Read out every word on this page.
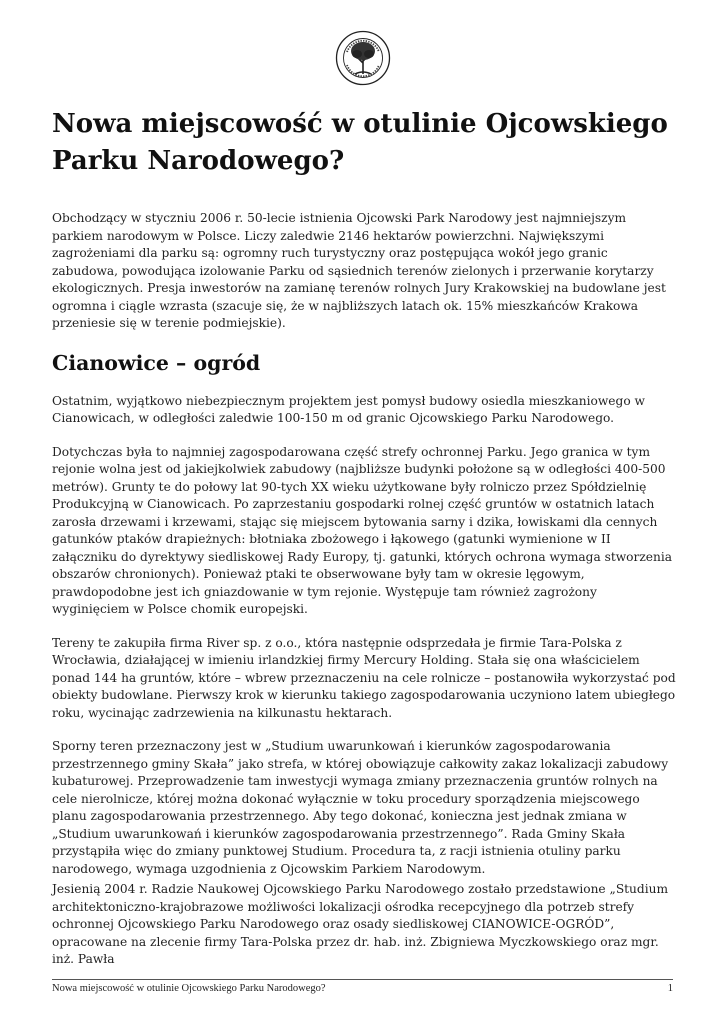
Nowa miejscowość w otulinie Ojcowskiego Parku Narodowego?

Obchodzący w styczniu 2006 r. 50-lecie istnienia Ojcowski Park Narodowy jest najmniejszym parkiem narodowym w Polsce. Liczy zaledwie 2146 hektarów powierzchni. Największymi zagrożeniami dla parku są: ogromny ruch turystyczny oraz postępująca wokół jego granic zabudowa, powodująca izolowanie Parku od sąsiednich terenów zielonych i przerwanie korytarzy ekologicznych. Presja inwestorów na zamianę terenów rolnych Jury Krakowskiej na budowlane jest ogromna i ciągle wzrasta (szacuje się, że w najbliższych latach ok. 15% mieszkańców Krakowa przeniesie się w terenie podmiejskie).

Cianowice – ogród

Ostatnim, wyjątkowo niebezpiecznym projektem jest pomysł budowy osiedla mieszkaniowego w Cianowicach, w odległości zaledwie 100-150 m od granic Ojcowskiego Parku Narodowego.

Dotychczas była to najmniej zagospodarowana część strefy ochronnej Parku. Jego granica w tym rejonie wolna jest od jakiejkolwiek zabudowy (najbliższe budynki położone są w odległości 400-500 metrów). Grunty te do połowy lat 90-tych XX wieku użytkowane były rolniczo przez Spółdzielnię Produkcyjną w Cianowicach. Po zaprzestaniu gospodarki rolnej część gruntów w ostatnich latach zarosła drzewami i krzewami, stając się miejscem bytowania sarny i dzika, łowiskami dla cennych gatunków ptaków drapieżnych: błotniaka zbożowego i łąkowego (gatunki wymienione w II załączniku do dyrektywy siedliskowej Rady Europy, tj. gatunki, których ochrona wymaga stworzenia obszarów chronionych). Ponieważ ptaki te obserwowane były tam w okresie lęgowym, prawdopodobne jest ich gniazdowanie w tym rejonie. Występuje tam również zagrożony wyginięciem w Polsce chomik europejski.

Tereny te zakupiła firma River sp. z o.o., która następnie odsprzedała je firmie Tara-Polska z Wrocławia, działającej w imieniu irlandzkiej firmy Mercury Holding. Stała się ona właścicielem ponad 144 ha gruntów, które – wbrew przeznaczeniu na cele rolnicze – postanowiła wykorzystać pod obiekty budowlane. Pierwszy krok w kierunku takiego zagospodarowania uczyniono latem ubiegłego roku, wycinając zadrzewienia na kilkunastu hektarach.

Sporny teren przeznaczony jest w „Studium uwarunkowań i kierunków zagospodarowania przestrzennego gminy Skała” jako strefa, w której obowiązuje całkowity zakaz lokalizacji zabudowy kubaturowej. Przeprowadzenie tam inwestycji wymaga zmiany przeznaczenia gruntów rolnych na cele nierolnicze, której można dokonać wyłącznie w toku procedury sporządzenia miejscowego planu zagospodarowania przestrzennego. Aby tego dokonać, konieczna jest jednak zmiana w „Studium uwarunkowań i kierunków zagospodarowania przestrzennego”. Rada Gminy Skała przystąpiła więc do zmiany punktowej Studium. Procedura ta, z racji istnienia otuliny parku narodowego, wymaga uzgodnienia z Ojcowskim Parkiem Narodowym.

Jesienią 2004 r. Radzie Naukowej Ojcowskiego Parku Narodowego zostało przedstawione „Studium architektoniczno-krajobrazowe możliwości lokalizacji ośrodka recepcyjnego dla potrzeb strefy ochronnej Ojcowskiego Parku Narodowego oraz osady siedliskowej CIANOWICE-OGRÓD”, opracowane na zlecenie firmy Tara-Polska przez dr. hab. inż. Zbigniewa Myczkowskiego oraz mgr. inż. Pawła

Nowa miejscowość w otulinie Ojcowskiego Parku Narodowego?	1
